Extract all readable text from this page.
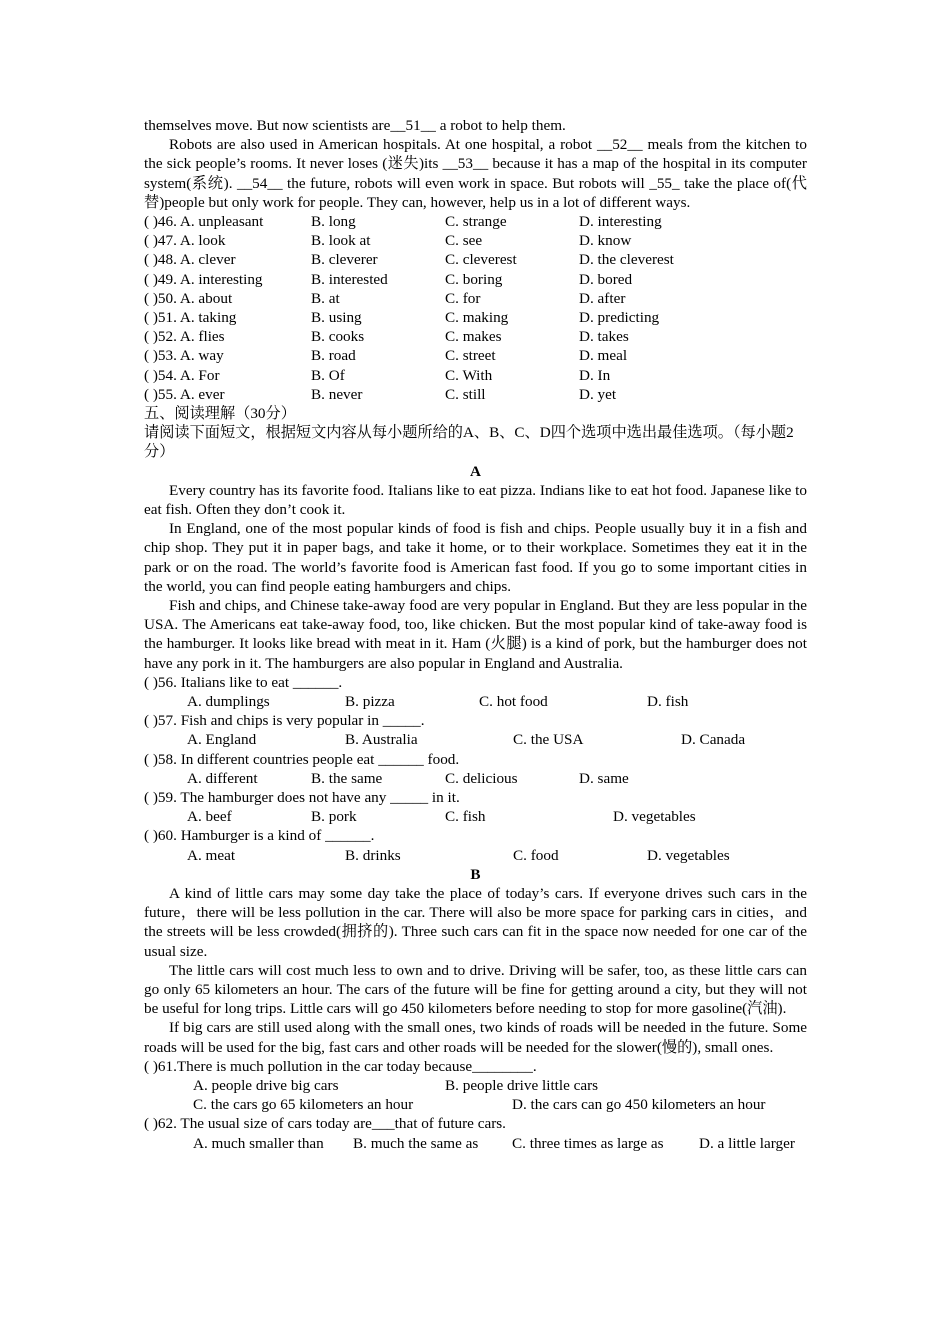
themselves move. But now scientists are__51__ a robot to help them.

Robots are also used in American hospitals. At one hospital, a robot __52__ meals from the kitchen to the sick people’s rooms. It never loses (迷失)its __53__ because it has a map of the hospital in its computer system(系统). __54__ the future, robots will even work in space. But robots will _55_ take the place of(代替)people but only work for people. They can, however, help us in a lot of different ways.

( )46. A. unpleasant	B. long	C. strange	D. interesting
( )47. A. look	B. look at	C. see	D. know
( )48. A. clever	B. cleverer	C. cleverest	D. the cleverest
( )49. A. interesting	B. interested	C. boring	D. bored
( )50. A. about	B. at	C. for	D. after
( )51. A. taking	B. using	C. making	D. predicting
( )52. A. flies	B. cooks	C. makes	D. takes
( )53. A. way	B. road	C. street	D. meal
( )54. A. For	B. Of	C. With	D. In
( )55. A. ever	B. never	C. still	D. yet

五、阅读理解（30分）

请阅读下面短文，根据短文内容从每小题所给的A、B、C、D四个选项中选出最佳选项。（每小题2分）

A

Every country has its favorite food. Italians like to eat pizza. Indians like to eat hot food. Japanese like to eat fish. Often they don’t cook it.

In England, one of the most popular kinds of food is fish and chips. People usually buy it in a fish and chip shop. They put it in paper bags, and take it home, or to their workplace. Sometimes they eat it in the park or on the road. The world’s favorite food is American fast food. If you go to some important cities in the world, you can find people eating hamburgers and chips.

Fish and chips, and Chinese take-away food are very popular in England. But they are less popular in the USA. The Americans eat take-away food, too, like chicken. But the most popular kind of take-away food is the hamburger. It looks like bread with meat in it. Ham (火腿) is a kind of pork, but the hamburger does not have any pork in it. The hamburgers are also popular in England and Australia.

( )56. Italians like to eat ______.

A. dumplings	B. pizza	C. hot food	D. fish

( )57. Fish and chips is very popular in _____.

A. England	B. Australia	C. the USA	D. Canada

( )58. In different countries people eat ______ food.

A. different	B. the same	C. delicious	D. same

( )59. The hamburger does not have any _____ in it.

A. beef	B. pork	C. fish	D. vegetables

( )60. Hamburger is a kind of ______.

A. meat	B. drinks	C. food	D. vegetables

B

A kind of little cars may some day take the place of today’s cars. If everyone drives such cars in the future，there will be less pollution in the car. There will also be more space for parking cars in cities，and the streets will be less crowded(拥挤的). Three such cars can fit in the space now needed for one car of the usual size.

The little cars will cost much less to own and to drive. Driving will be safer, too, as these little cars can go only 65 kilometers an hour. The cars of the future will be fine for getting around a city, but they will not be useful for long trips. Little cars will go 450 kilometers before needing to stop for more gasoline(汽油).

If big cars are still used along with the small ones, two kinds of roads will be needed in the future. Some roads will be used for the big, fast cars and other roads will be needed for the slower(慢的), small ones.

( )61.There is much pollution in the car today because________.

A. people drive big cars	B. people drive little cars
C. the cars go 65 kilometers an hour	D. the cars can go 450 kilometers an hour

( )62. The usual size of cars today are___that of future cars.

A. much smaller than	B. much the same as	C. three times as large as	D. a little larger
